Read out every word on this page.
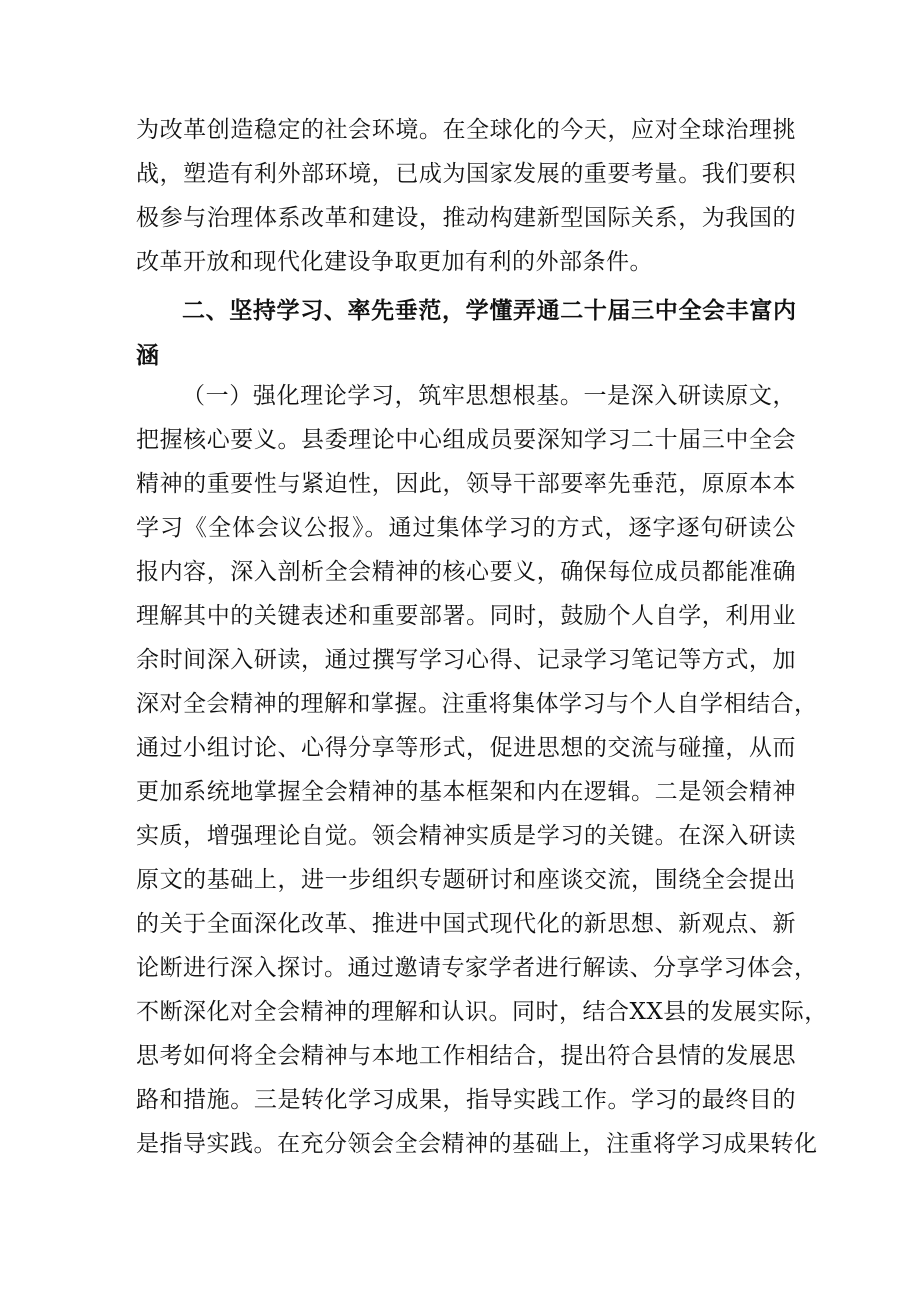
为改革创造稳定的社会环境。在全球化的今天，应对全球治理挑
战，塑造有利外部环境，已成为国家发展的重要考量。我们要积
极参与治理体系改革和建设，推动构建新型国际关系，为我国的
改革开放和现代化建设争取更加有利的外部条件。
二、坚持学习、率先垂范，学懂弄通二十届三中全会丰富内
涵
（一）强化理论学习，筑牢思想根基。一是深入研读原文，
把握核心要义。县委理论中心组成员要深知学习二十届三中全会
精神的重要性与紧迫性，因此，领导干部要率先垂范，原原本本
学习《全体会议公报》。通过集体学习的方式，逐字逐句研读公
报内容，深入剖析全会精神的核心要义，确保每位成员都能准确
理解其中的关键表述和重要部署。同时，鼓励个人自学，利用业
余时间深入研读，通过撰写学习心得、记录学习笔记等方式，加
深对全会精神的理解和掌握。注重将集体学习与个人自学相结合，
通过小组讨论、心得分享等形式，促进思想的交流与碰撞，从而
更加系统地掌握全会精神的基本框架和内在逻辑。二是领会精神
实质，增强理论自觉。领会精神实质是学习的关键。在深入研读
原文的基础上，进一步组织专题研讨和座谈交流，围绕全会提出
的关于全面深化改革、推进中国式现代化的新思想、新观点、新
论断进行深入探讨。通过邀请专家学者进行解读、分享学习体会，
不断深化对全会精神的理解和认识。同时，结合XX县的发展实际，
思考如何将全会精神与本地工作相结合，提出符合县情的发展思
路和措施。三是转化学习成果，指导实践工作。学习的最终目的
是指导实践。在充分领会全会精神的基础上，注重将学习成果转化
